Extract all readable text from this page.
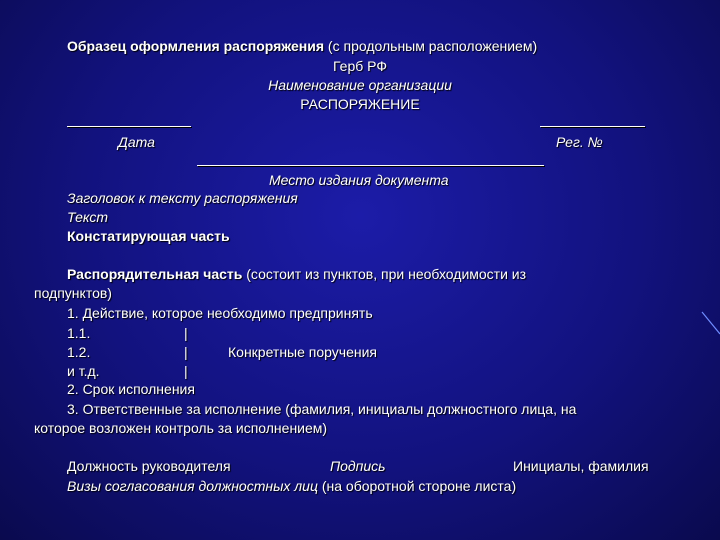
Образец оформления распоряжения (с продольным расположением)
Герб РФ
Наименование организации
РАСПОРЯЖЕНИЕ
Дата	Рег. №
Место издания документа
Заголовок к тексту распоряжения
Текст
Констатирующая часть
Распорядительная часть (состоит из пунктов, при необходимости из
подпунктов)
1. Действие, которое необходимо предпринять
1.1.	|
1.2.	|	Конкретные поручения
и т.д.	|
2. Срок исполнения
3. Ответственные за исполнение (фамилия, инициалы должностного лица, на
которое возложен контроль за исполнением)
Должность руководителя	Подпись	Инициалы, фамилия
Визы согласования должностных лиц (на оборотной стороне листа)
